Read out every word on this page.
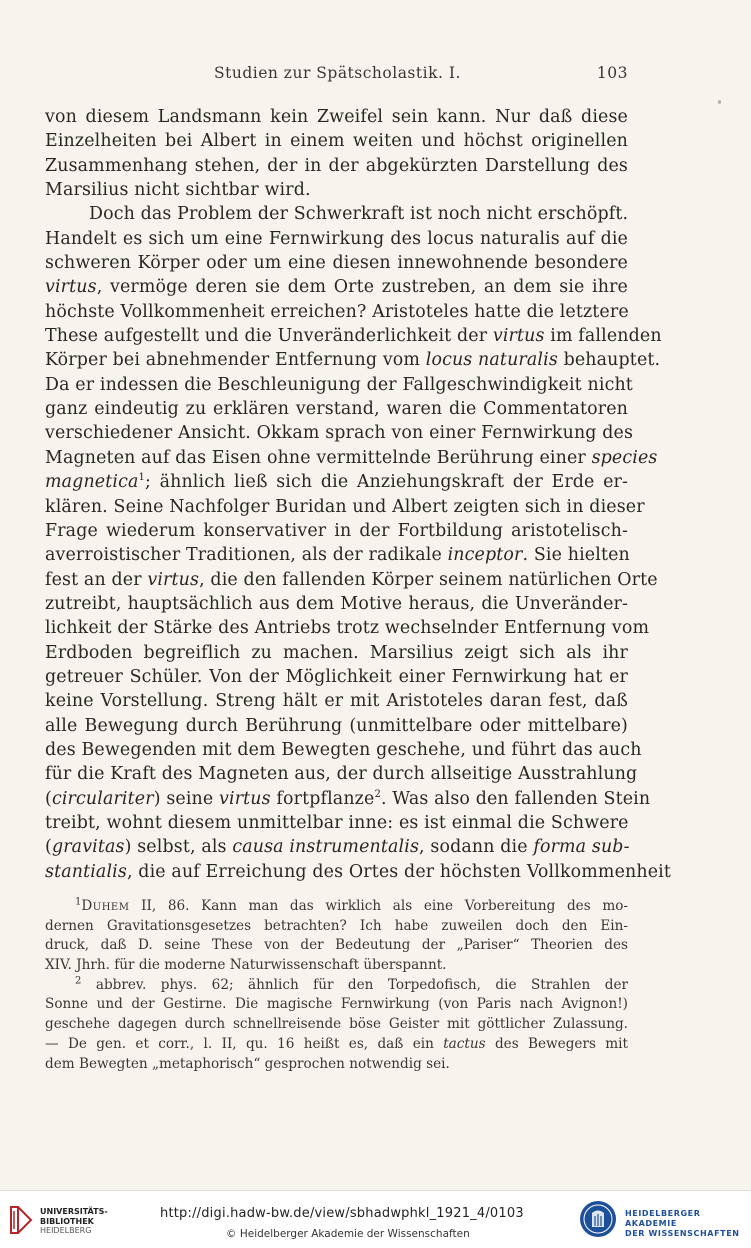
Studien zur Spätscholastik. I.	103
von diesem Landsmann kein Zweifel sein kann. Nur daß diese
Einzelheiten bei Albert in einem weiten und höchst originellen
Zusammenhang stehen, der in der abgekürzten Darstellung des
Marsilius nicht sichtbar wird.
Doch das Problem der Schwerkraft ist noch nicht erschöpft.
Handelt es sich um eine Fernwirkung des locus naturalis auf die
schweren Körper oder um eine diesen innewohnende besondere
virtus, vermöge deren sie dem Orte zustreben, an dem sie ihre
höchste Vollkommenheit erreichen? Aristoteles hatte die letztere
These aufgestellt und die Unveränderlichkeit der virtus im fallenden
Körper bei abnehmender Entfernung vom locus naturalis behauptet.
Da er indessen die Beschleunigung der Fallgeschwindigkeit nicht
ganz eindeutig zu erklären verstand, waren die Commentatoren
verschiedener Ansicht. Okkam sprach von einer Fernwirkung des
Magneten auf das Eisen ohne vermittelnde Berührung einer species
magnetica$^1$; ähnlich ließ sich die Anziehungskraft der Erde er-
klären. Seine Nachfolger Buridan und Albert zeigten sich in dieser
Frage wiederum konservativer in der Fortbildung aristotelisch-
averroistischer Traditionen, als der radikale inceptor. Sie hielten
fest an der virtus, die den fallenden Körper seinem natürlichen Orte
zutreibt, hauptsächlich aus dem Motive heraus, die Unveränder-
lichkeit der Stärke des Antriebs trotz wechselnder Entfernung vom
Erdboden begreiflich zu machen. Marsilius zeigt sich als ihr
getreuer Schüler. Von der Möglichkeit einer Fernwirkung hat er
keine Vorstellung. Streng hält er mit Aristoteles daran fest, daß
alle Bewegung durch Berührung (unmittelbare oder mittelbare)
des Bewegenden mit dem Bewegten geschehe, und führt das auch
für die Kraft des Magneten aus, der durch allseitige Ausstrahlung
(circulariter) seine virtus fortpflanze$^2$. Was also den fallenden Stein
treibt, wohnt diesem unmittelbar inne: es ist einmal die Schwere
(gravitas) selbst, als causa instrumentalis, sodann die forma sub-
stantialis, die auf Erreichung des Ortes der höchsten Vollkommenheit
$^1$Duhem II, 86. Kann man das wirklich als eine Vorbereitung des mo-
dernen Gravitationsgesetzes betrachten? Ich habe zuweilen doch den Ein-
druck, daß D. seine These von der Bedeutung der „Pariser“ Theorien des
XIV. Jhrh. für die moderne Naturwissenschaft überspannt.
$^2$ abbrev. phys. 62; ähnlich für den Torpedofisch, die Strahlen der
Sonne und der Gestirne. Die magische Fernwirkung (von Paris nach Avignon!)
geschehe dagegen durch schnellreisende böse Geister mit göttlicher Zulassung.
— De gen. et corr., l. II, qu. 16 heißt es, daß ein tactus des Bewegers mit
dem Bewegten „metaphorisch“ gesprochen notwendig sei.
UNIVERSITÄTS-
BIBLIOTHEK
HEIDELBERG
http://digi.hadw-bw.de/view/sbhadwphkl_1921_4/0103
© Heidelberger Akademie der Wissenschaften
HEIDELBERGER AKADEMIE
DER WISSENSCHAFTEN
